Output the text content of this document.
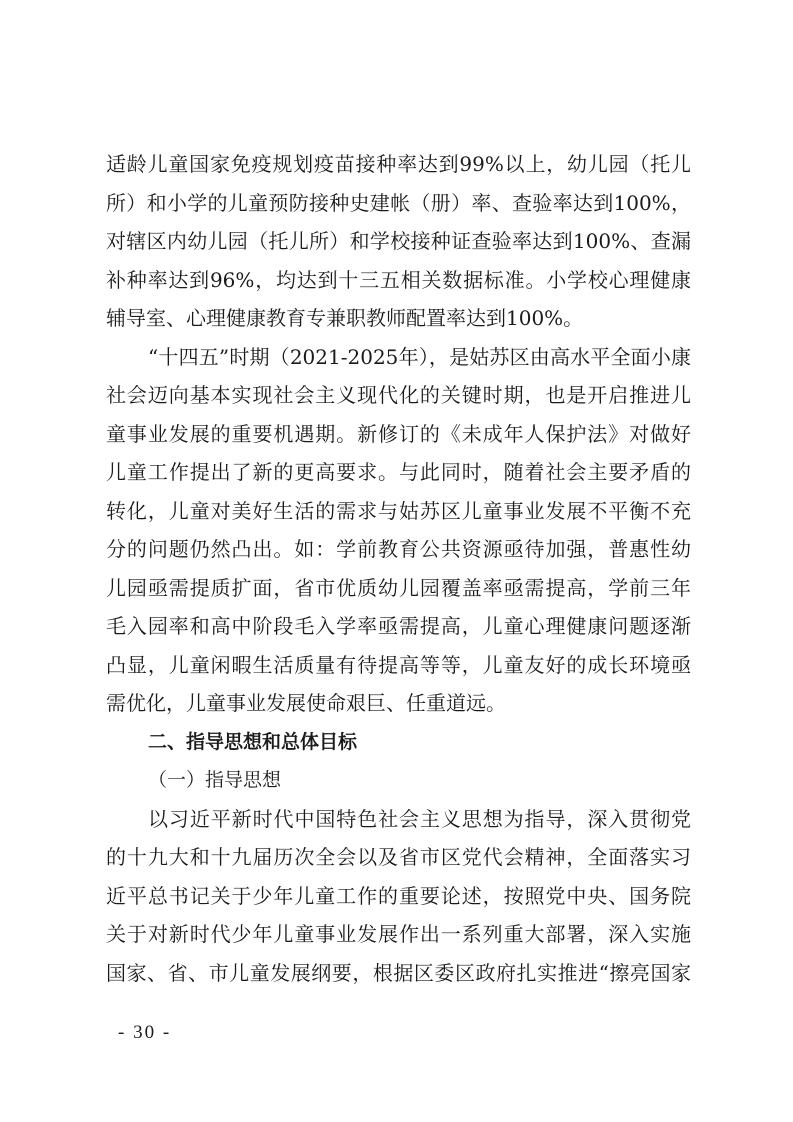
适龄儿童国家免疫规划疫苗接种率达到99%以上，幼儿园（托儿
所）和小学的儿童预防接种史建帐（册）率、查验率达到100%，
对辖区内幼儿园（托儿所）和学校接种证查验率达到100%、查漏
补种率达到96%，均达到十三五相关数据标准。小学校心理健康
辅导室、心理健康教育专兼职教师配置率达到100%。
“十四五”时期（2021-2025年），是姑苏区由高水平全面小康
社会迈向基本实现社会主义现代化的关键时期，也是开启推进儿
童事业发展的重要机遇期。新修订的《未成年人保护法》对做好
儿童工作提出了新的更高要求。与此同时，随着社会主要矛盾的
转化，儿童对美好生活的需求与姑苏区儿童事业发展不平衡不充
分的问题仍然凸出。如：学前教育公共资源亟待加强，普惠性幼
儿园亟需提质扩面，省市优质幼儿园覆盖率亟需提高，学前三年
毛入园率和高中阶段毛入学率亟需提高，儿童心理健康问题逐渐
凸显，儿童闲暇生活质量有待提高等等，儿童友好的成长环境亟
需优化，儿童事业发展使命艰巨、任重道远。
二、指导思想和总体目标
（一）指导思想
以习近平新时代中国特色社会主义思想为指导，深入贯彻党
的十九大和十九届历次全会以及省市区党代会精神，全面落实习
近平总书记关于少年儿童工作的重要论述，按照党中央、国务院
关于对新时代少年儿童事业发展作出一系列重大部署，深入实施
国家、省、市儿童发展纲要，根据区委区政府扎实推进“擦亮国家
- 30 -
